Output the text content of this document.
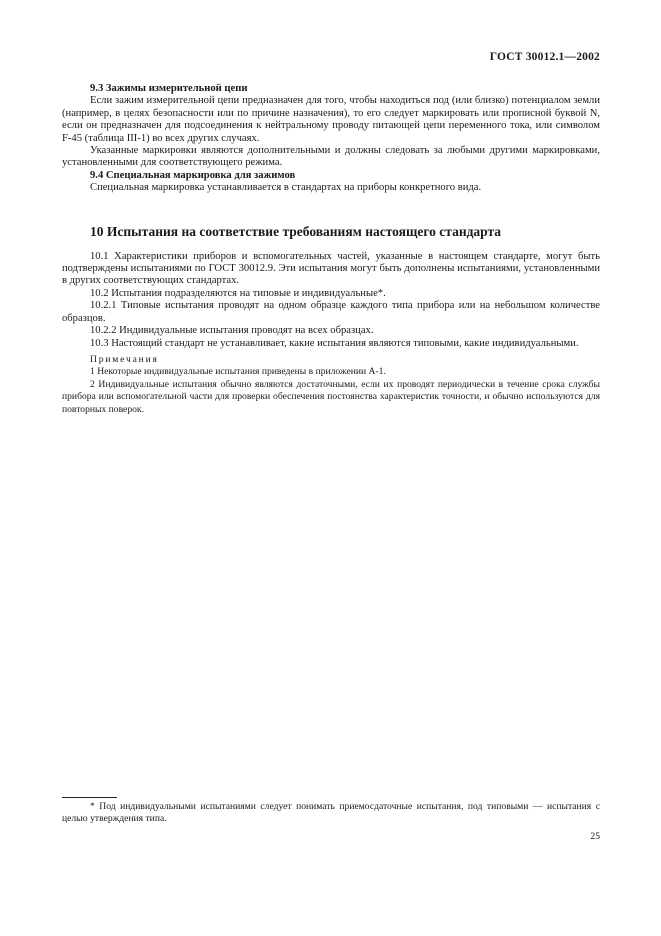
ГОСТ 30012.1—2002
9.3 Зажимы измерительной цепи

Если зажим измерительной цепи предназначен для того, чтобы находиться под (или близко) потенциалом земли (например, в целях безопасности или по причине назначения), то его следует маркировать или прописной буквой N, если он предназначен для подсоединения к нейтральному проводу питающей цепи переменного тока, или символом F-45 (таблица III-1) во всех других случаях.

Указанные маркировки являются дополнительными и должны следовать за любыми другими маркировками, установленными для соответствующего режима.

9.4 Специальная маркировка для зажимов

Специальная маркировка устанавливается в стандартах на приборы конкретного вида.

10 Испытания на соответствие требованиям настоящего стандарта

10.1 Характеристики приборов и вспомогательных частей, указанные в настоящем стандарте, могут быть подтверждены испытаниями по ГОСТ 30012.9. Эти испытания могут быть дополнены испытаниями, установленными в других соответствующих стандартах.

10.2 Испытания подразделяются на типовые и индивидуальные*.

10.2.1 Типовые испытания проводят на одном образце каждого типа прибора или на небольшом количестве образцов.

10.2.2 Индивидуальные испытания проводят на всех образцах.

10.3 Настоящий стандарт не устанавливает, какие испытания являются типовыми, какие индивидуальными.

Примечания

1 Некоторые индивидуальные испытания приведены в приложении А-1.

2 Индивидуальные испытания обычно являются достаточными, если их проводят периодически в течение срока службы прибора или вспомогательной части для проверки обеспечения постоянства характеристик точности, и обычно используются для повторных поверок.

* Под индивидуальными испытаниями следует понимать приемосдаточные испытания, под типовыми — испытания с целью утверждения типа.

25
